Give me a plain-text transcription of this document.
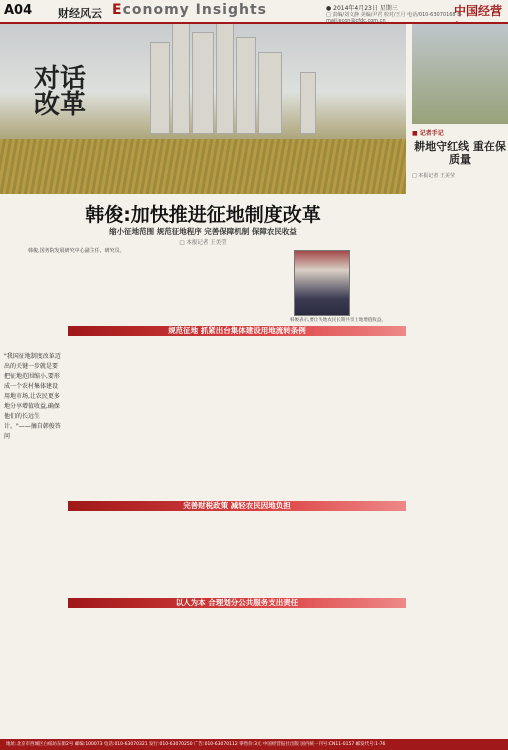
A04 财经风云 Economy Insights	● 2014年4月23日 星期三
□ 责编/刘文静 美编/尹君 校对/王月 电话/010-63070168 E-mail:econ@cfdc.com.cn
中国经营
对话
改革
韩俊:加快推进征地制度改革
缩小征地范围 规范征地程序 完善保障机制 保障农民收益
□ 本报记者 王美莹

韩俊,国务院发展研究中心副主任、研究员。

韩俊表示,要让失地农民长期共享土地增值收益。
"我国征地制度改革迈出的关键一步就是要把征地范围缩小,要形成一个农村集体建设用地市场,让农民更多地分享增值收益,确保他们的长远生计。"——摘自韩俊答问
规范征地 抓紧出台集体建设用地流转条例
完善财税政策 减轻农民因地负担
以人为本 合理划分公共服务支出责任
■ 记者手记
耕地守红线 重在保质量
□ 本报记者 王美莹
地址:北京市西城区白纸坊东街2号 邮编:100073 电话:010-63070321 发行:010-63070250 广告:010-63070112 零售价:3元 中国经营报社出版 国内统一刊号:CN11-0157 邮发代号:1-76
